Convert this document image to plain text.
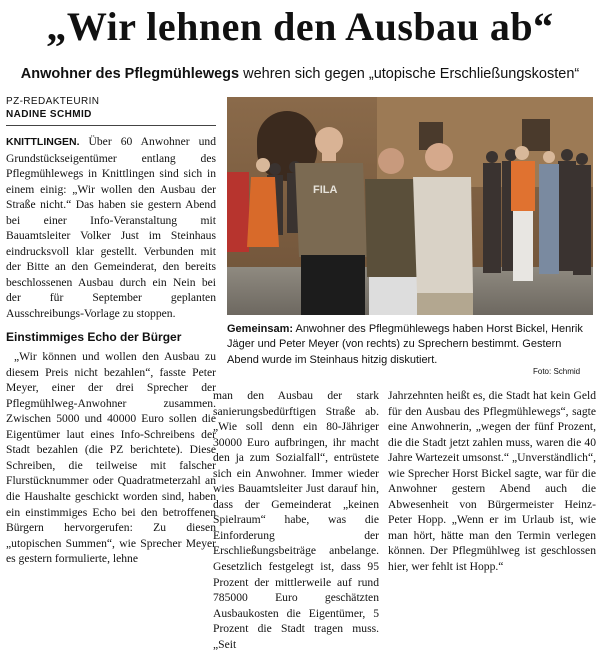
„Wir lehnen den Ausbau ab“
Anwohner des Pflegmühlewegs wehren sich gegen „utopische Erschließungskosten“
PZ-REDAKTEURIN
NADINE SCHMID

KNITTLINGEN. Über 60 Anwohner und Grundstückseigentümer entlang des Pflegmühlewegs in Knittlingen sind sich in einem einig: „Wir wollen den Ausbau der Straße nicht.“ Das haben sie gestern Abend bei einer Info-Veranstaltung mit Bauamtsleiter Volker Just im Steinhaus eindrucksvoll klar gestellt. Verbunden mit der Bitte an den Gemeinderat, den bereits beschlossenen Ausbau durch ein Nein bei der für September geplanten Ausschreibungs-Vorlage zu stoppen.

Einstimmiges Echo der Bürger

„Wir können und wollen den Ausbau zu diesem Preis nicht bezahlen“, fasste Peter Meyer, einer der drei Sprecher der Pflegmühlweg-Anwohner zusammen. Zwischen 5000 und 40000 Euro sollen die Eigentümer laut eines Info-Schreibens der Stadt bezahlen (die PZ berichtete). Diese Schreiben, die teilweise mit falscher Flurstücknummer oder Quadratmeterzahl an die Haushalte geschickt worden sind, haben ein einstimmiges Echo bei den betroffenen Bürgern hervorgerufen: Zu diesen „utopischen Summen“, wie Sprecher Meyer es gestern formulierte, lehne

FILA
Gemeinsam: Anwohner des Pflegmühlewegs haben Horst Bickel, Henrik Jäger und Peter Meyer (von rechts) zu Sprechern bestimmt. Gestern Abend wurde im Steinhaus hitzig diskutiert.
Foto: Schmid

man den Ausbau der stark sanierungsbedürftigen Straße ab. „Wie soll denn ein 80-Jähriger 30000 Euro aufbringen, ihr macht den ja zum Sozialfall“, entrüstete sich ein Anwohner. Immer wieder wies Bauamtsleiter Just darauf hin, dass der Gemeinderat „keinen Spielraum“ habe, was die Einforderung der Erschließungsbeiträge anbelange. Gesetzlich festgelegt ist, dass 95 Prozent der mittlerweile auf rund 785000 Euro geschätzten Ausbaukosten die Eigentümer, 5 Prozent die Stadt tragen muss. „Seit

Jahrzehnten heißt es, die Stadt hat kein Geld für den Ausbau des Pflegmühlewegs“, sagte eine Anwohnerin, „wegen der fünf Prozent, die die Stadt jetzt zahlen muss, waren die 40 Jahre Wartezeit umsonst.“ „Unverständlich“, wie Sprecher Horst Bickel sagte, war für die Anwohner gestern Abend auch die Abwesenheit von Bürgermeister Heinz-Peter Hopp. „Wenn er im Urlaub ist, wie man hört, hätte man den Termin verlegen können. Der Pflegmühlweg ist geschlossen hier, wer fehlt ist Hopp.“
